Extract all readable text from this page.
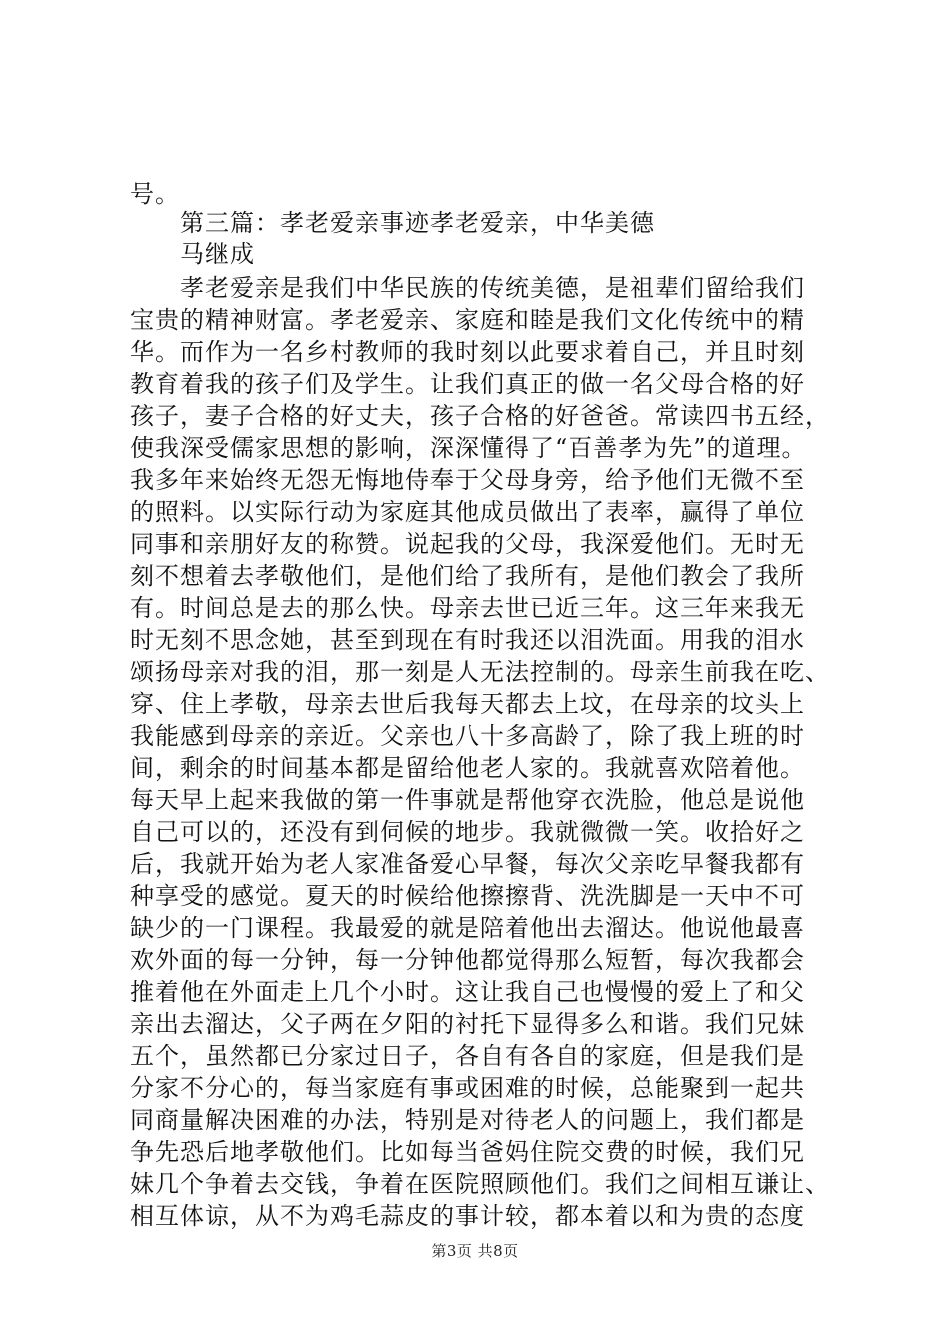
号。
第三篇：孝老爱亲事迹孝老爱亲，中华美德
马继成
孝老爱亲是我们中华民族的传统美德，是祖辈们留给我们
宝贵的精神财富。孝老爱亲、家庭和睦是我们文化传统中的精
华。而作为一名乡村教师的我时刻以此要求着自己，并且时刻
教育着我的孩子们及学生。让我们真正的做一名父母合格的好
孩子，妻子合格的好丈夫，孩子合格的好爸爸。常读四书五经，
使我深受儒家思想的影响，深深懂得了“百善孝为先”的道理。
我多年来始终无怨无悔地侍奉于父母身旁，给予他们无微不至
的照料。以实际行动为家庭其他成员做出了表率，赢得了单位
同事和亲朋好友的称赞。说起我的父母，我深爱他们。无时无
刻不想着去孝敬他们，是他们给了我所有，是他们教会了我所
有。时间总是去的那么快。母亲去世已近三年。这三年来我无
时无刻不思念她，甚至到现在有时我还以泪洗面。用我的泪水
颂扬母亲对我的泪，那一刻是人无法控制的。母亲生前我在吃、
穿、住上孝敬，母亲去世后我每天都去上坟，在母亲的坟头上
我能感到母亲的亲近。父亲也八十多高龄了，除了我上班的时
间，剩余的时间基本都是留给他老人家的。我就喜欢陪着他。
每天早上起来我做的第一件事就是帮他穿衣洗脸，他总是说他
自己可以的，还没有到伺候的地步。我就微微一笑。收拾好之
后，我就开始为老人家准备爱心早餐，每次父亲吃早餐我都有
种享受的感觉。夏天的时候给他擦擦背、洗洗脚是一天中不可
缺少的一门课程。我最爱的就是陪着他出去溜达。他说他最喜
欢外面的每一分钟，每一分钟他都觉得那么短暂，每次我都会
推着他在外面走上几个小时。这让我自己也慢慢的爱上了和父
亲出去溜达，父子两在夕阳的衬托下显得多么和谐。我们兄妹
五个，虽然都已分家过日子，各自有各自的家庭，但是我们是
分家不分心的，每当家庭有事或困难的时候，总能聚到一起共
同商量解决困难的办法，特别是对待老人的问题上，我们都是
争先恐后地孝敬他们。比如每当爸妈住院交费的时候，我们兄
妹几个争着去交钱，争着在医院照顾他们。我们之间相互谦让、
相互体谅，从不为鸡毛蒜皮的事计较，都本着以和为贵的态度
第3页 共8页
